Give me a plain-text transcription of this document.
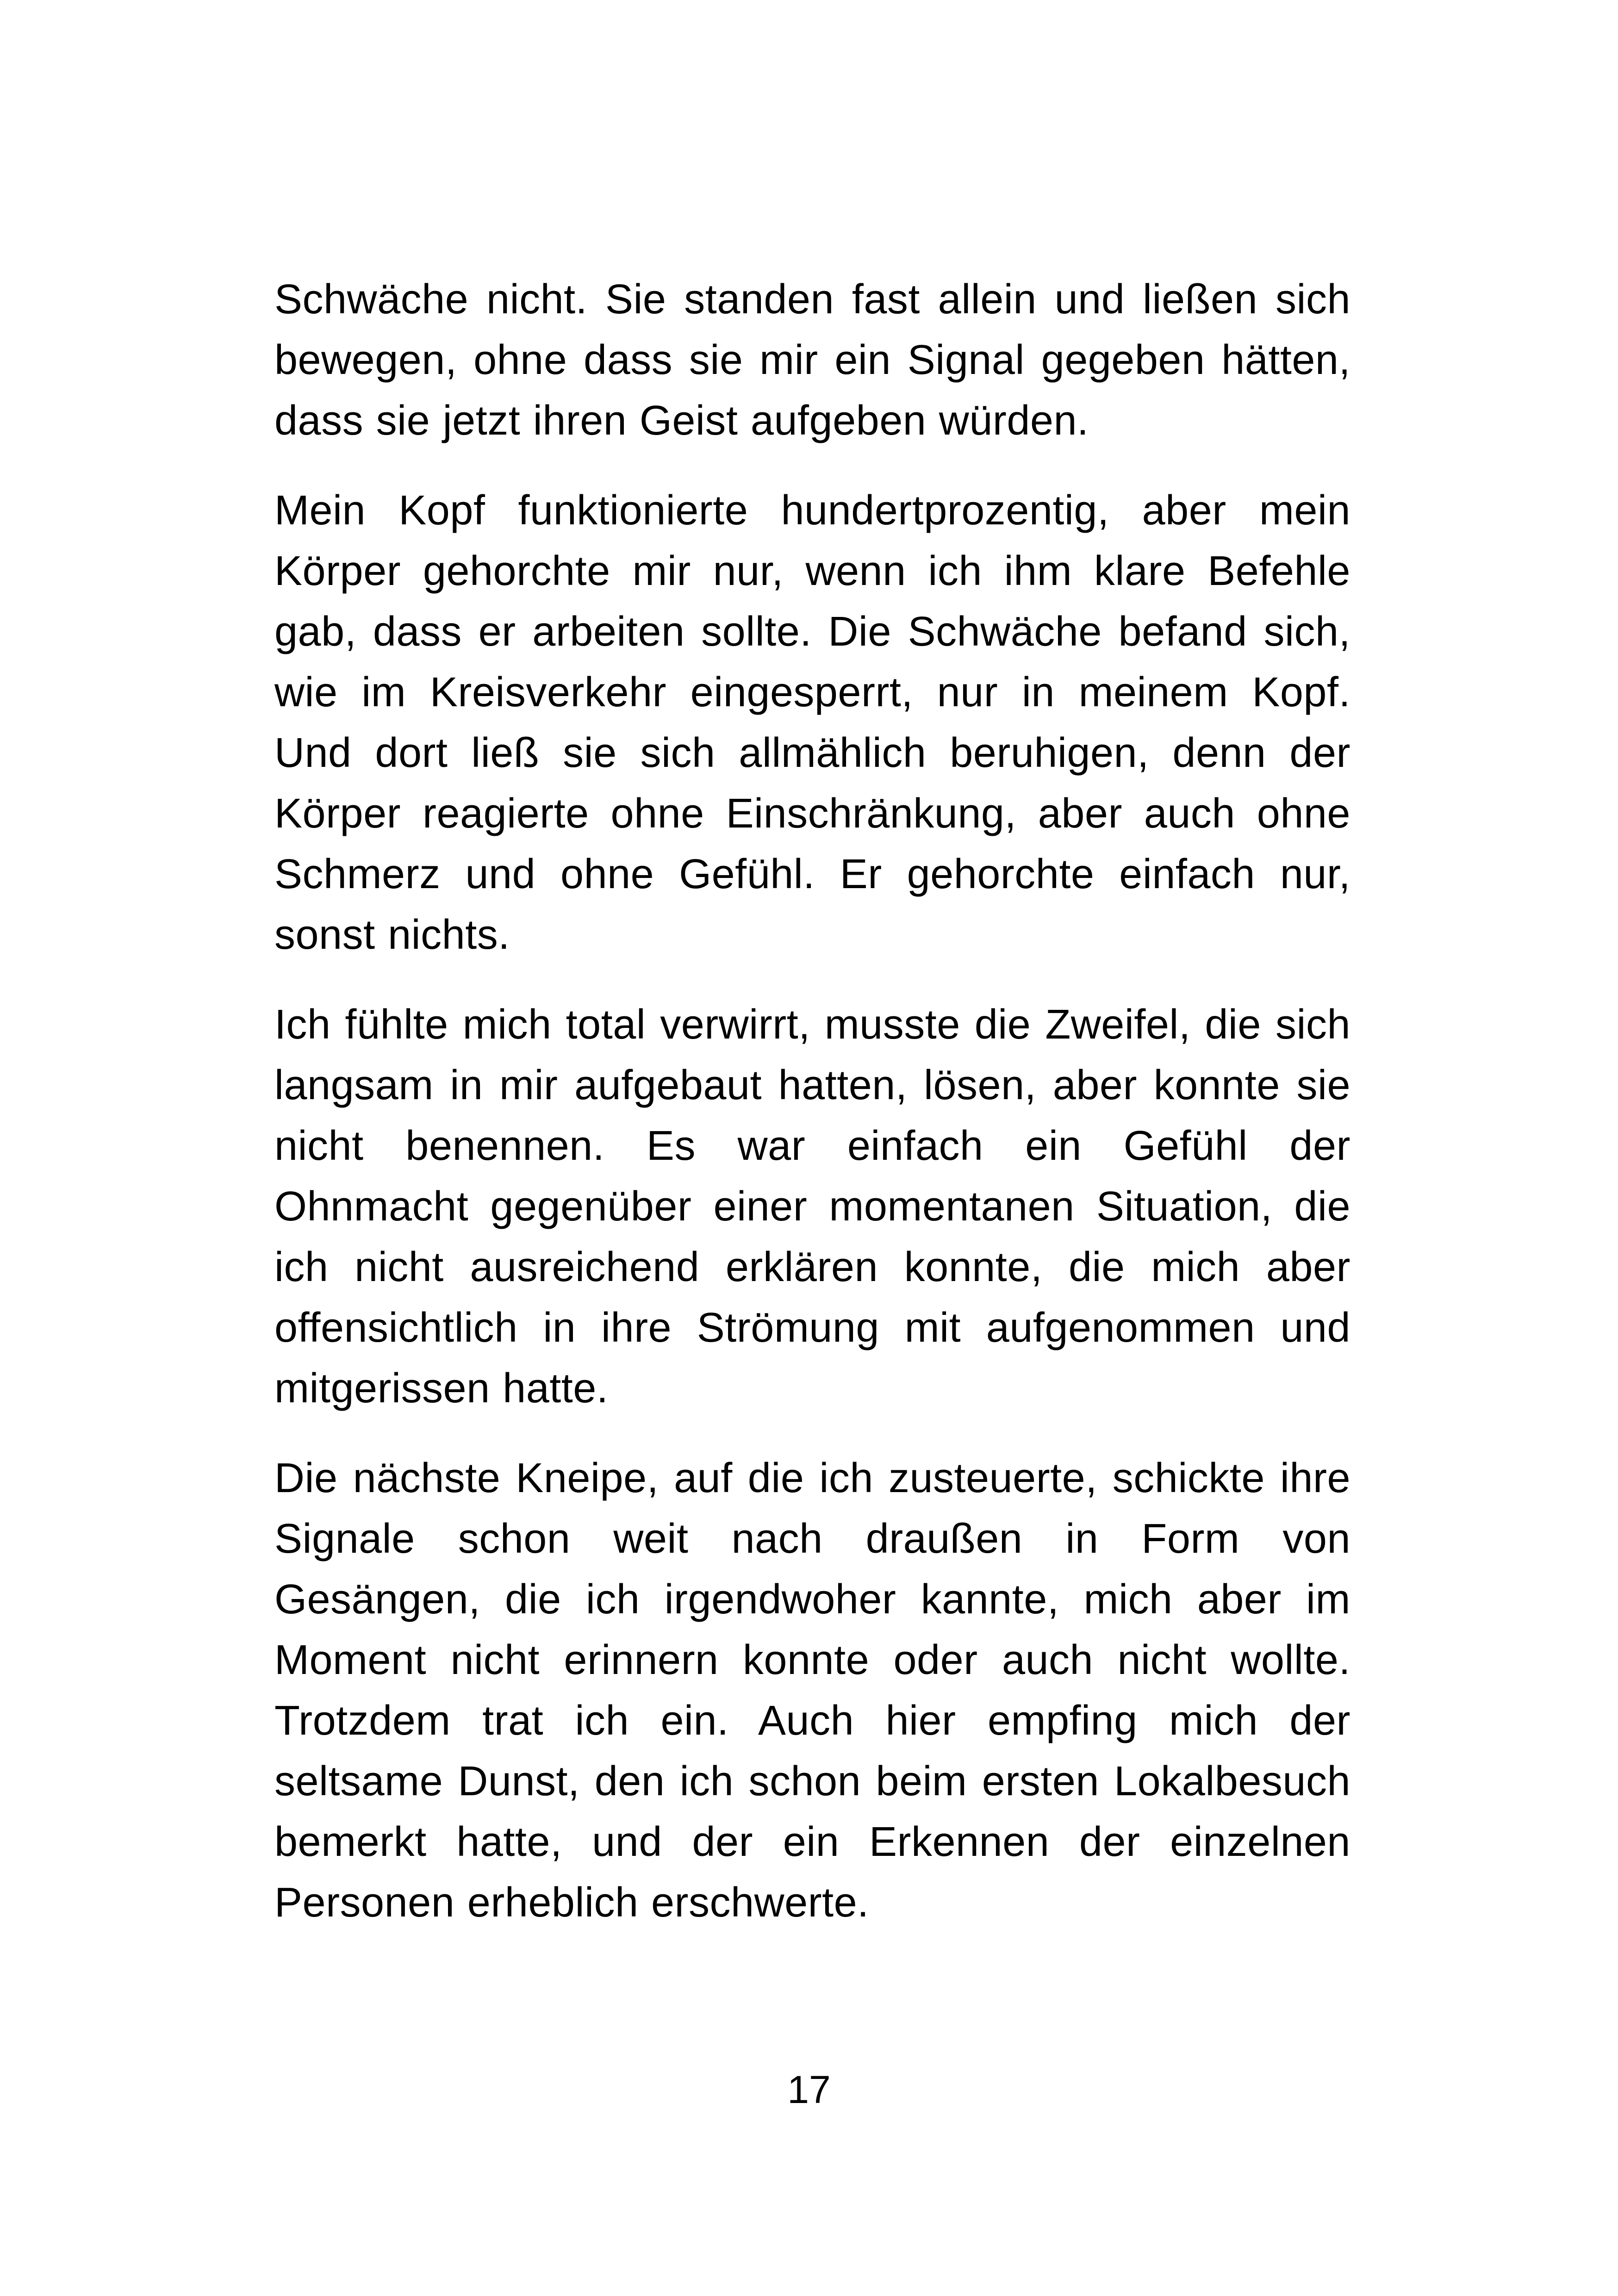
Schwäche nicht. Sie standen fast allein und ließen sich bewegen, ohne dass sie mir ein Signal gegeben hätten, dass sie jetzt ihren Geist aufgeben würden.

Mein Kopf funktionierte hundertprozentig, aber mein Körper gehorchte mir nur, wenn ich ihm klare Befehle gab, dass er arbeiten sollte. Die Schwäche befand sich, wie im Kreisverkehr eingesperrt, nur in meinem Kopf. Und dort ließ sie sich allmählich beruhigen, denn der Körper reagierte ohne Einschränkung, aber auch ohne Schmerz und ohne Gefühl. Er gehorchte einfach nur, sonst nichts.

Ich fühlte mich total verwirrt, musste die Zweifel, die sich langsam in mir aufgebaut hatten, lösen, aber konnte sie nicht benennen. Es war einfach ein Gefühl der Ohnmacht gegenüber einer momentanen Situation, die ich nicht ausreichend erklären konnte, die mich aber offensichtlich in ihre Strömung mit aufgenommen und mitgerissen hatte.

Die nächste Kneipe, auf die ich zusteuerte, schickte ihre Signale schon weit nach draußen in Form von Gesängen, die ich irgendwoher kannte, mich aber im Moment nicht erinnern konnte oder auch nicht wollte. Trotzdem trat ich ein. Auch hier empfing mich der seltsame Dunst, den ich schon beim ersten Lokalbesuch bemerkt hatte, und der ein Erkennen der einzelnen Personen erheblich erschwerte.

17
